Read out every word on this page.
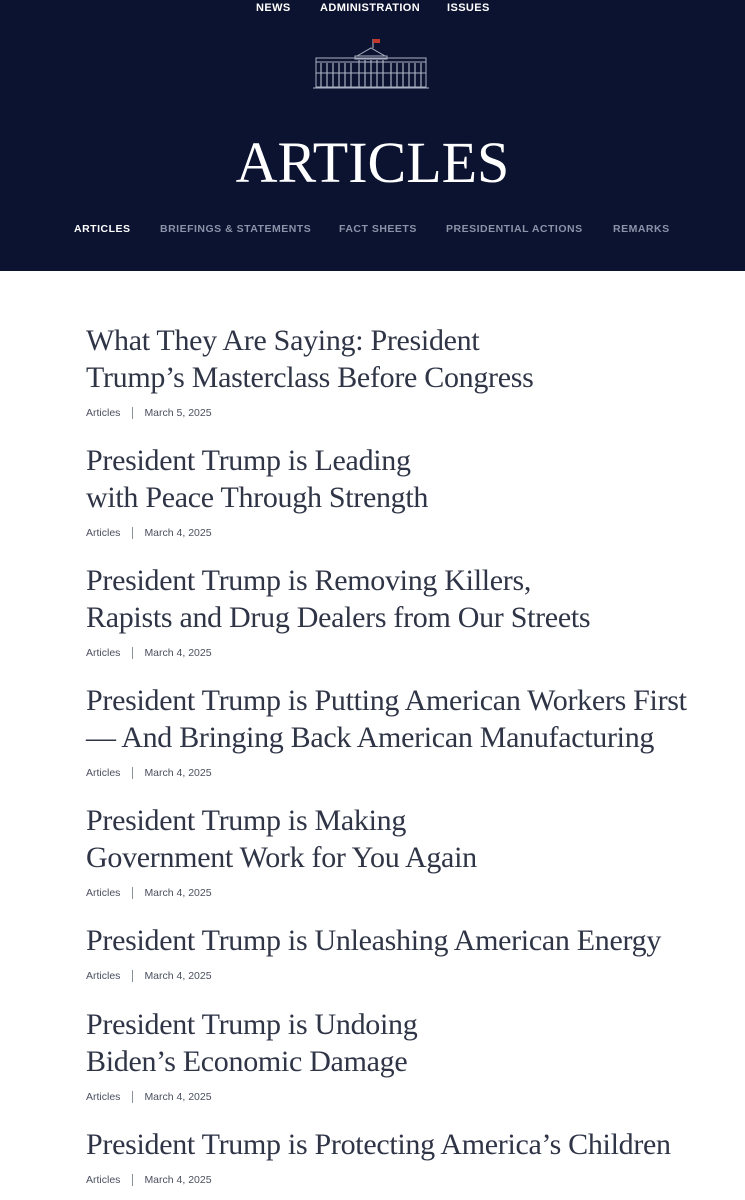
NEWS	ADMINISTRATION ISSUES
ARTICLES
ARTICLES	BRIEFINGS & STATEMENTS	FACT SHEETS	PRESIDENTIAL ACTIONS	REMARKS
What They Are Saying: President
Trump’s Masterclass Before Congress
Articles March 5, 2025
President Trump is Leading
with Peace Through Strength
Articles March 4, 2025
President Trump is Removing Killers,
Rapists and Drug Dealers from Our Streets
Articles March 4, 2025
President Trump is Putting American Workers First
— And Bringing Back American Manufacturing
Articles March 4, 2025
President Trump is Making
Government Work for You Again
Articles March 4, 2025
President Trump is Unleashing American Energy
Articles March 4, 2025
President Trump is Undoing
Biden’s Economic Damage
Articles March 4, 2025
President Trump is Protecting America’s Children
Articles March 4, 2025
